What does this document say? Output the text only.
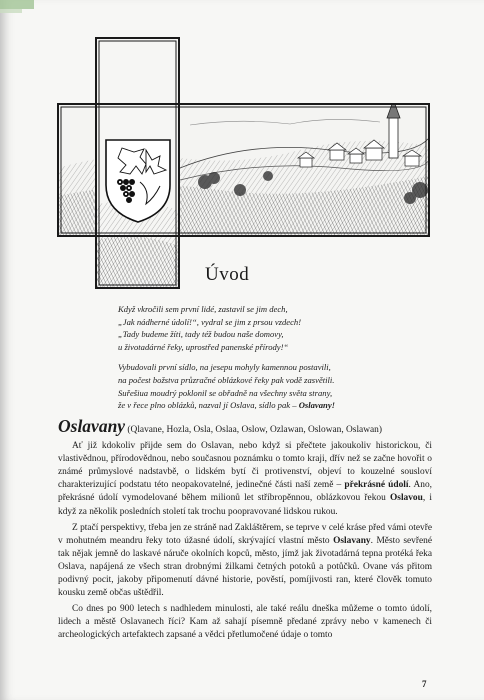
Úvod
Když vkročili sem první lidé, zastavil se jim dech,
„Jak nádherné údolí!“, vydral se jim z prsou vzdech!
„Tady budeme žíti, tady též budou naše domovy,
u životadárné řeky, uprostřed panenské přírody!“
Vybudovali první sídlo, na jesepu mohyly kamennou postavili,
na počest božstva průzračné oblázkové řeky pak vodě zasvětili.
Suřešiua moudrý poklonil se obřadně na všechny světa strany,
že v řece plno oblázků, nazval jí Oslava, sídlo pak – Oslavany!

Oslavany (Qlavane, Hozla, Osla, Oslaa, Oslow, Ozlawan, Oslowan, Oslawan)

Ať již kdokoliv přijde sem do Oslavan, nebo když si přečtete jakoukoliv historickou, či vlastivědnou, přírodovědnou, nebo současnou poznámku o tomto kraji, dřív než se začne hovořit o známé průmyslové nadstavbě, o lidském bytí či protivenství, objeví to kouzelné sousloví charakterizující podstatu této neopakovatelné, jedinečné části naší země – překrásné údolí. Ano, překrásné údolí vymodelované během milionů let stříbropěnnou, oblázkovou řekou Oslavou, i když za několik posledních století tak trochu poopravované lidskou rukou.

Z ptačí perspektivy, třeba jen ze stráně nad Zakláštěrem, se teprve v celé kráse před vámi otevře v mohutném meandru řeky toto úžasné údolí, skrývající vlastní město Oslavany. Město sevřené tak nějak jemně do laskavé náruče okolních kopců, město, jímž jak životadárná tepna protéká řeka Oslava, napájená ze všech stran drobnými žilkami četných potoků a potůčků. Ovane vás přitom podivný pocit, jakoby připomenutí dávné historie, pověstí, pomíjivosti ran, které člověk tomuto kousku země občas uštědřil.

Co dnes po 900 letech s nadhledem minulosti, ale také reálu dneška můžeme o tomto údolí, lidech a městě Oslavanech říci? Kam až sahají písemně předané zprávy nebo v kamenech či archeologických artefaktech zapsané a vědci přetlumočené údaje o tomto

7
